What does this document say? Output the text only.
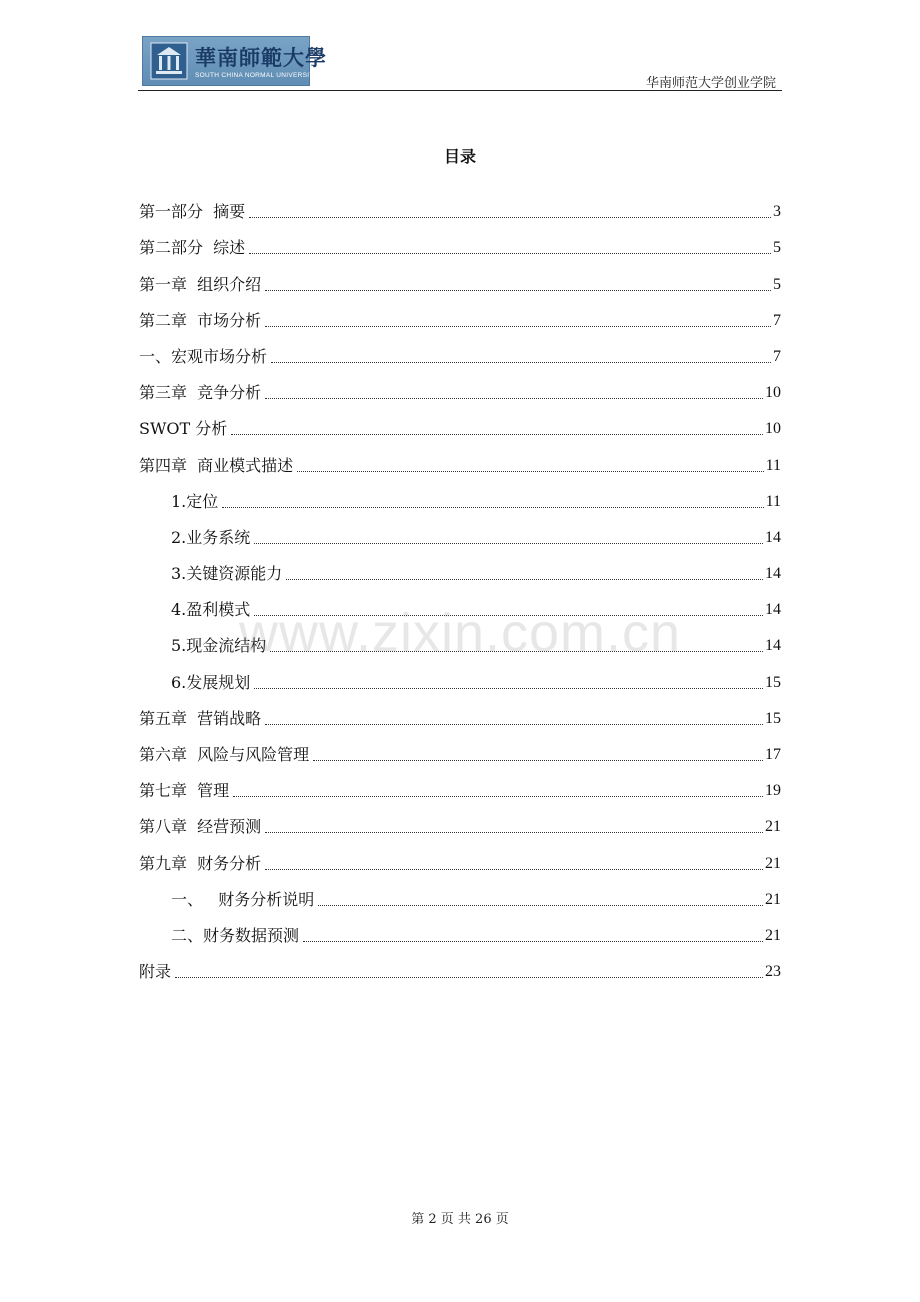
華南師範大學
SOUTH CHINA NORMAL UNIVERSITY
华南师范大学创业学院
目录
第一部分  摘要	3
第二部分  综述	5
第一章  组织介绍	5
第二章  市场分析	7
一、宏观市场分析	7
第三章  竞争分析	10
SWOT 分析	10
第四章  商业模式描述	11
1.定位	11
2.业务系统	14
3.关键资源能力	14
4.盈利模式	14
5.现金流结构	14
6.发展规划	15
第五章  营销战略	15
第六章  风险与风险管理	17
第七章  管理	19
第八章  经营预测	21
第九章  财务分析	21
一、   财务分析说明	21
二、财务数据预测	21
附录	23
www.zixin.com.cn
第 2 页 共 26 页
